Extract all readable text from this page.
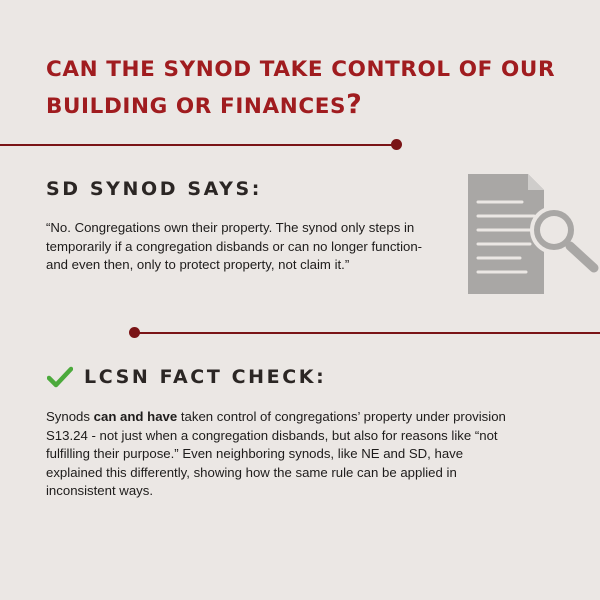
CAN THE SYNOD TAKE CONTROL OF OUR BUILDING OR FINANCES?
SD SYNOD SAYS:

“No. Congregations own their property. The synod only steps in temporarily if a congregation disbands or can no longer function-and even then, only to protect property, not claim it.”

LCSN FACT CHECK:

Synods can and have taken control of congregations’ property under provision S13.24 - not just when a congregation disbands, but also for reasons like “not fulfilling their purpose.” Even neighboring synods, like NE and SD, have explained this differently, showing how the same rule can be applied in inconsistent ways.
